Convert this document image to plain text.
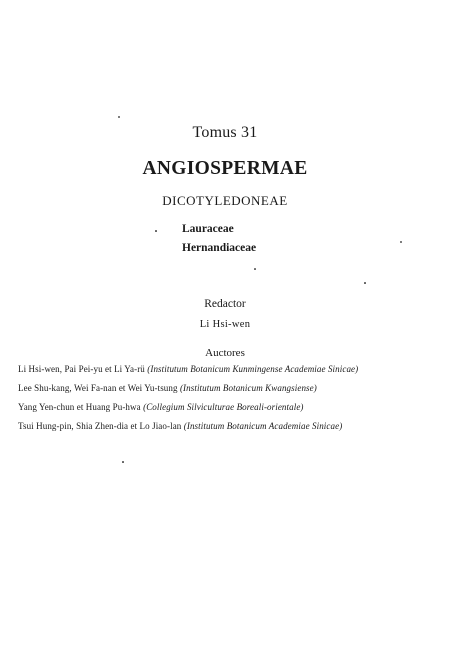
Tomus 31
ANGIOSPERMAE
DICOTYLEDONEAE
Lauraceae
Hernandiaceae
Redactor
Li Hsi-wen
Auctores
Li Hsi-wen, Pai Pei-yu et Li Ya-rü (Institutum Botanicum Kunmingense Academiae Sinicae)
Lee Shu-kang, Wei Fa-nan et Wei Yu-tsung (Institutum Botanicum Kwangsiense)
Yang Yen-chun et Huang Pu-hwa (Collegium Silviculturae Boreali-orientale)
Tsui Hung-pin, Shia Zhen-dia et Lo Jiao-lan (Institutum Botanicum Academiae Sinicae)
